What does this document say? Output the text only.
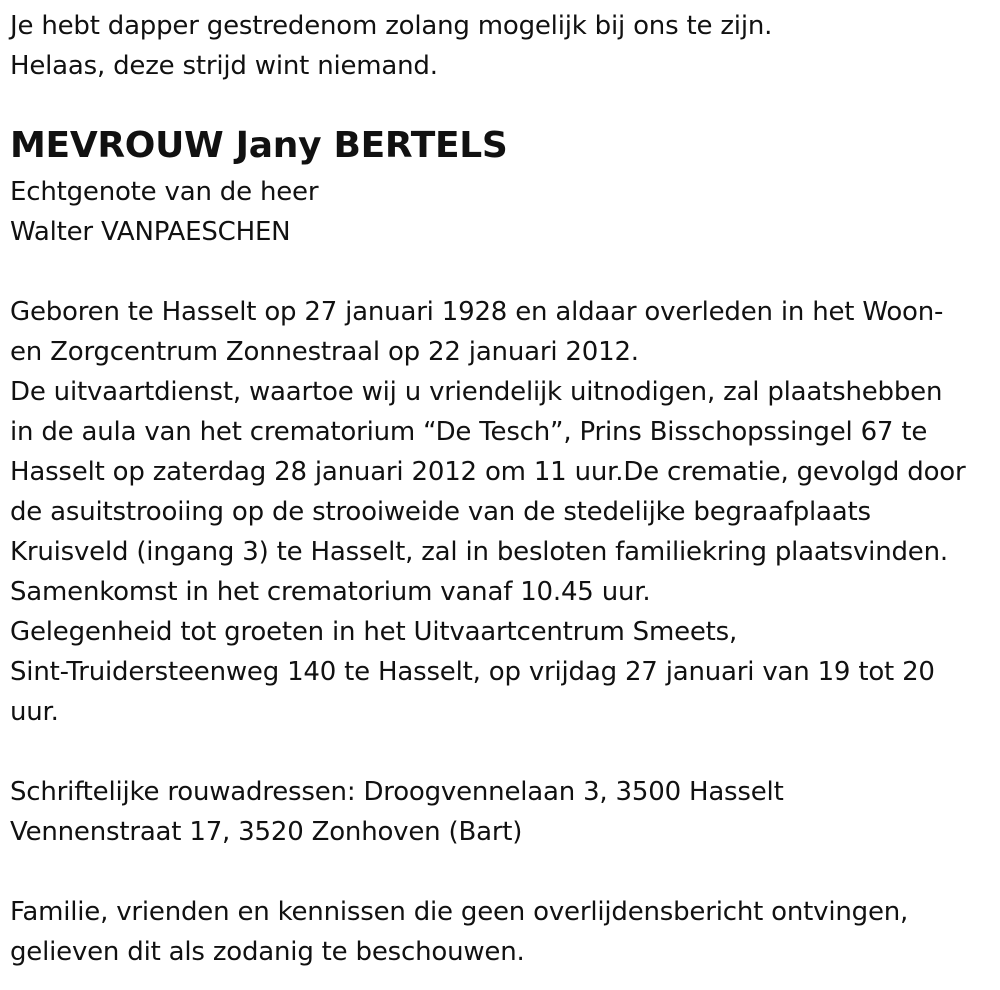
Je hebt dapper gestredenom zolang mogelijk bij ons te zijn.
Helaas, deze strijd wint niemand.
MEVROUW Jany BERTELS
Echtgenote van de heer
Walter VANPAESCHEN
Geboren te Hasselt op 27 januari 1928 en aldaar overleden in het Woon-
en Zorgcentrum Zonnestraal op 22 januari 2012.
De uitvaartdienst, waartoe wij u vriendelijk uitnodigen, zal plaatshebben
in de aula van het crematorium “De Tesch”, Prins Bisschopssingel 67 te
Hasselt op zaterdag 28 januari 2012 om 11 uur.De crematie, gevolgd door
de asuitstrooiing op de strooiweide van de stedelijke begraafplaats
Kruisveld (ingang 3) te Hasselt, zal in besloten familiekring plaatsvinden.
Samenkomst in het crematorium vanaf 10.45 uur.
Gelegenheid tot groeten in het Uitvaartcentrum Smeets,
Sint-Truidersteenweg 140 te Hasselt, op vrijdag 27 januari van 19 tot 20
uur.
Schriftelijke rouwadressen: Droogvennelaan 3, 3500 Hasselt
Vennenstraat 17, 3520 Zonhoven (Bart)
Familie, vrienden en kennissen die geen overlijdensbericht ontvingen,
gelieven dit als zodanig te beschouwen.
